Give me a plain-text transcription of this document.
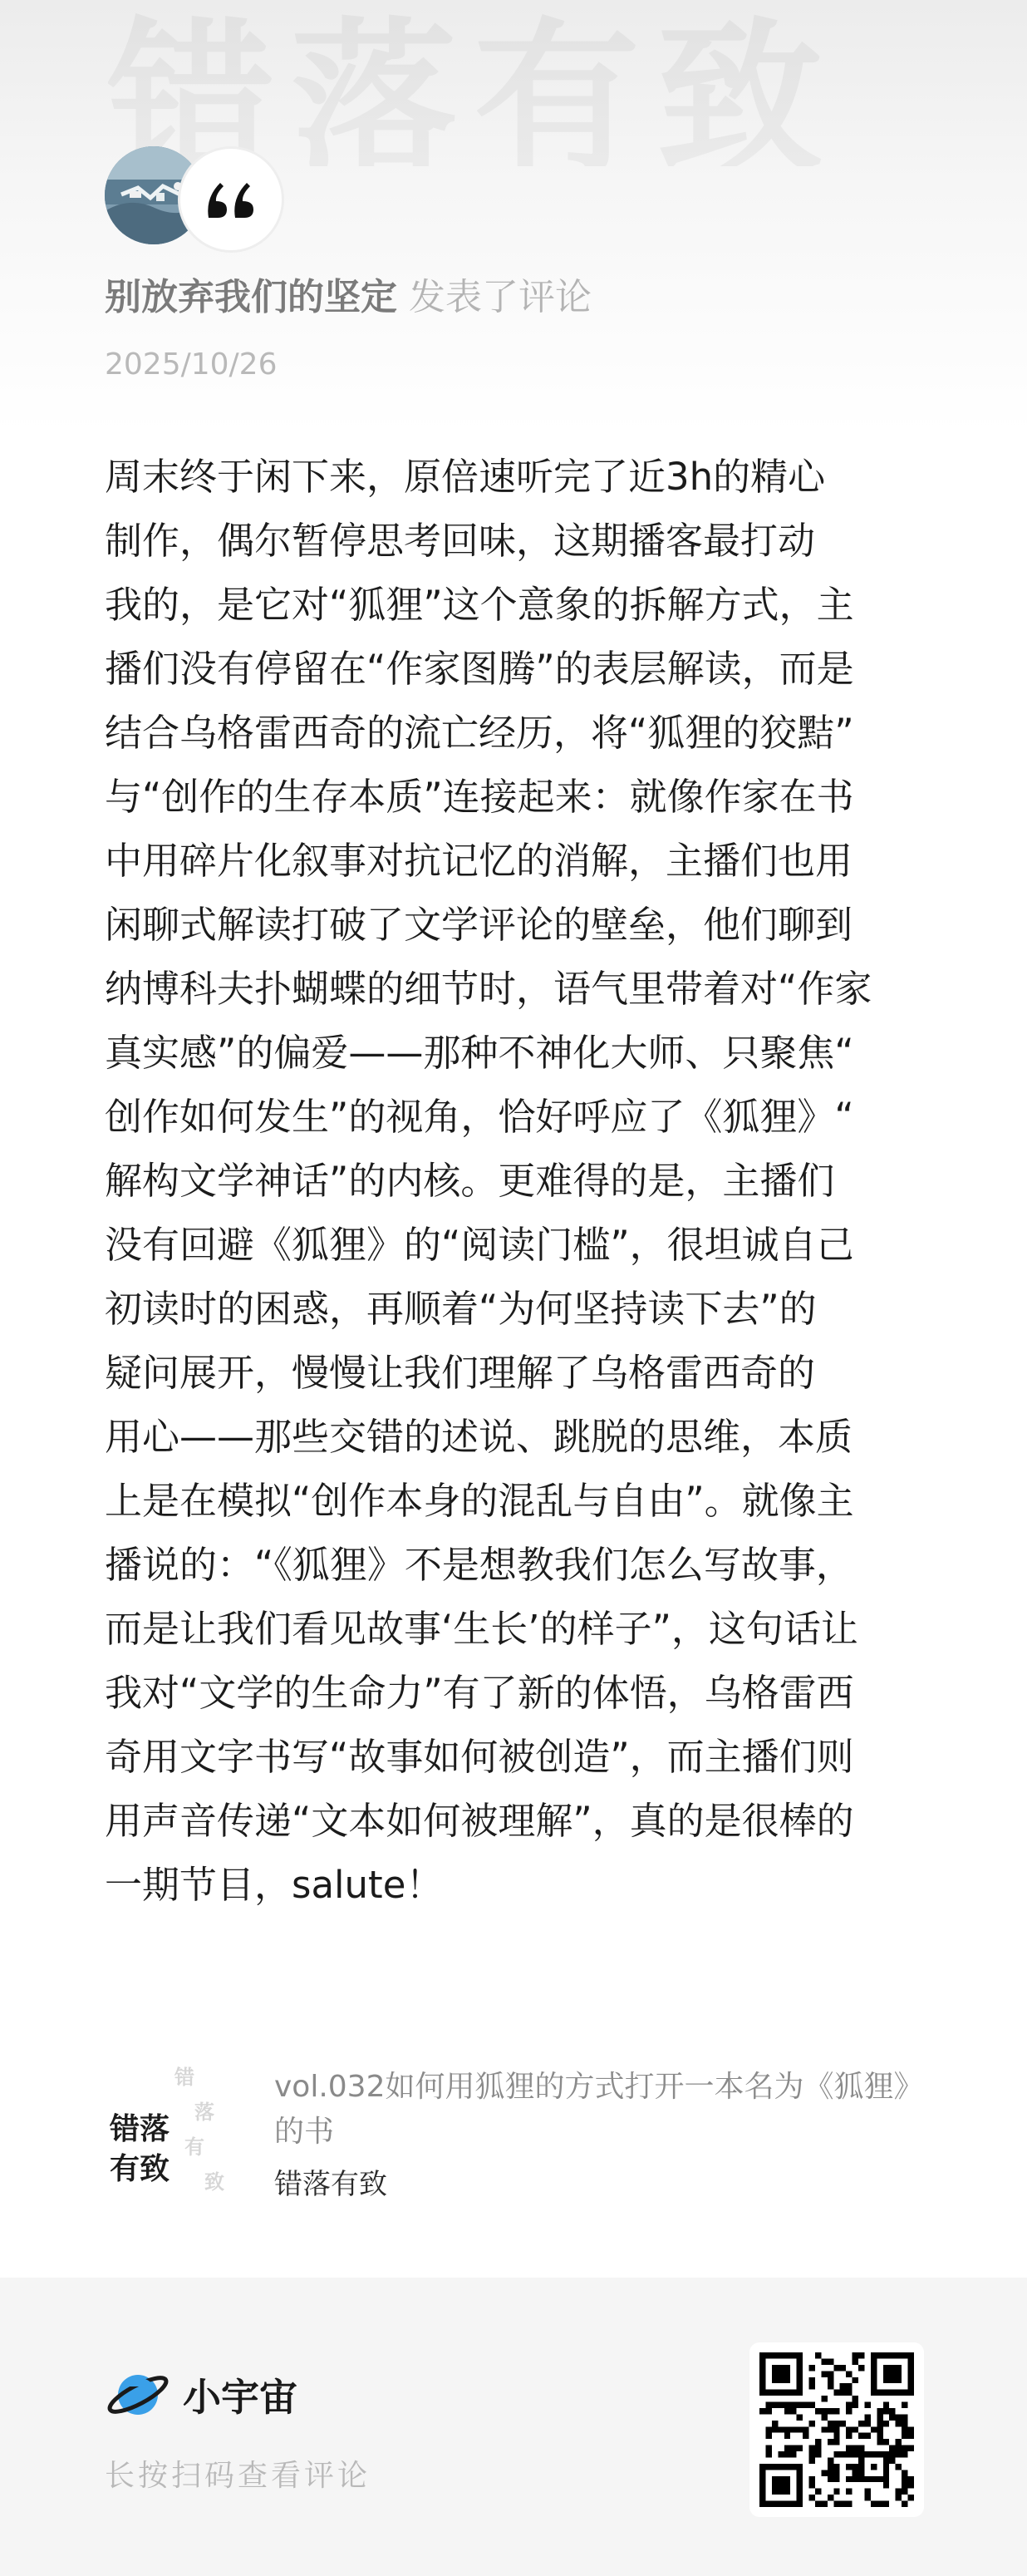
别放弃我们的坚定 发表了评论
2025/10/26
周末终于闲下来，原倍速听完了近3h的精心
制作，偶尔暂停思考回味，这期播客最打动
我的，是它对“狐狸”这个意象的拆解方式，主
播们没有停留在“作家图腾”的表层解读，而是
结合乌格雷西奇的流亡经历，将“狐狸的狡黠”
与“创作的生存本质”连接起来：就像作家在书
中用碎片化叙事对抗记忆的消解，主播们也用
闲聊式解读打破了文学评论的壁垒，他们聊到
纳博科夫扑蝴蝶的细节时，语气里带着对“作家
真实感”的偏爱——那种不神化大师、只聚焦“
创作如何发生”的视角，恰好呼应了《狐狸》“
解构文学神话”的内核。更难得的是，主播们
没有回避《狐狸》的“阅读门槛”，很坦诚自己
初读时的困惑，再顺着“为何坚持读下去”的
疑问展开，慢慢让我们理解了乌格雷西奇的
用心——那些交错的述说、跳脱的思维，本质
上是在模拟“创作本身的混乱与自由”。就像主
播说的：“《狐狸》不是想教我们怎么写故事，
而是让我们看见故事‘生长’的样子”，这句话让
我对“文学的生命力”有了新的体悟，乌格雷西
奇用文字书写“故事如何被创造”，而主播们则
用声音传递“文本如何被理解”，真的是很棒的
一期节目，salute！
错
落
有
致
错落
有致
vol.032如何用狐狸的方式打开一本名为《狐狸》的书
错落有致
小宇宙
长按扫码查看评论
